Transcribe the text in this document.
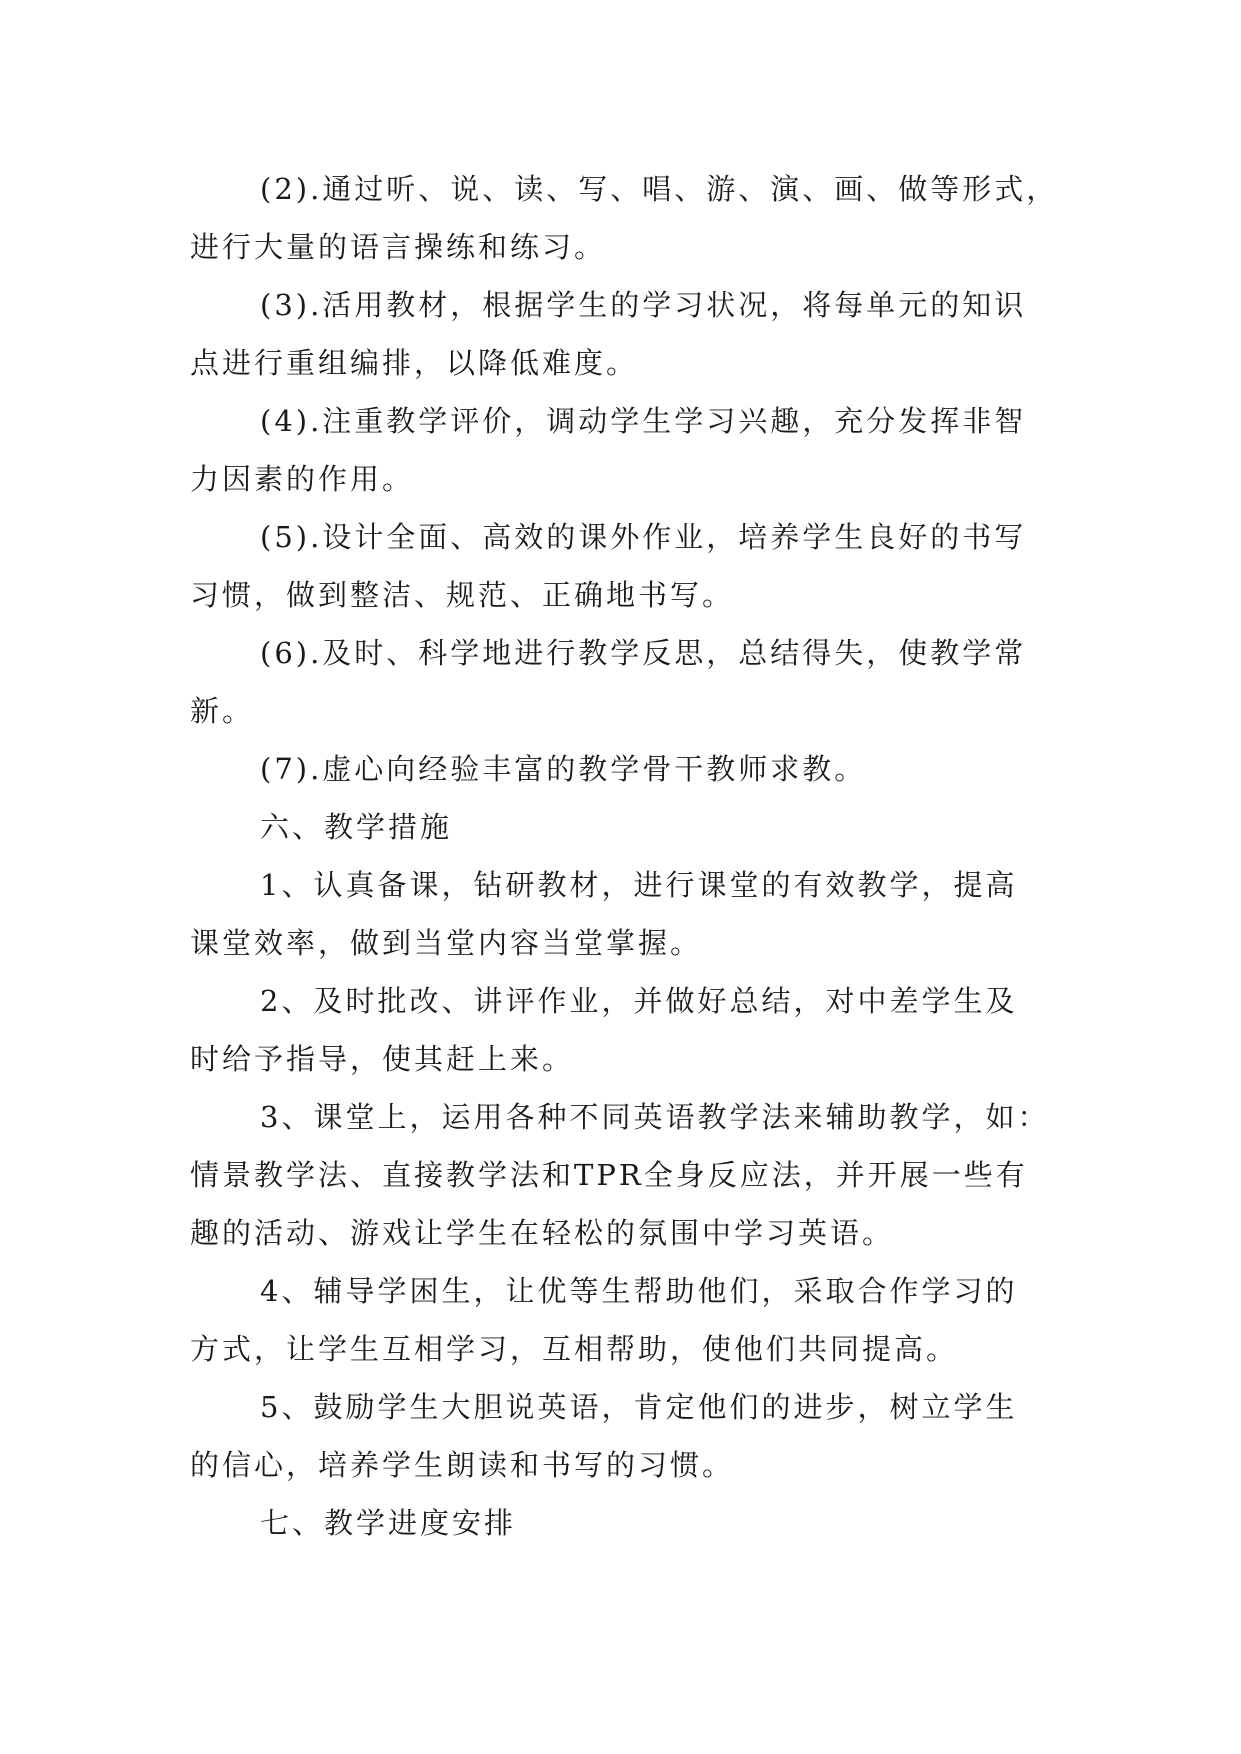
(2).通过听、说、读、写、唱、游、演、画、做等形式，
进行大量的语言操练和练习。

(3).活用教材，根据学生的学习状况，将每单元的知识
点进行重组编排，以降低难度。

(4).注重教学评价，调动学生学习兴趣，充分发挥非智
力因素的作用。

(5).设计全面、高效的课外作业，培养学生良好的书写
习惯，做到整洁、规范、正确地书写。

(6).及时、科学地进行教学反思，总结得失，使教学常
新。

(7).虚心向经验丰富的教学骨干教师求教。

六、教学措施

1、认真备课，钻研教材，进行课堂的有效教学，提高
课堂效率，做到当堂内容当堂掌握。

2、及时批改、讲评作业，并做好总结，对中差学生及
时给予指导，使其赶上来。

3、课堂上，运用各种不同英语教学法来辅助教学，如：
情景教学法、直接教学法和TPR全身反应法，并开展一些有
趣的活动、游戏让学生在轻松的氛围中学习英语。

4、辅导学困生，让优等生帮助他们，采取合作学习的
方式，让学生互相学习，互相帮助，使他们共同提高。

5、鼓励学生大胆说英语，肯定他们的进步，树立学生
的信心，培养学生朗读和书写的习惯。

七、教学进度安排
